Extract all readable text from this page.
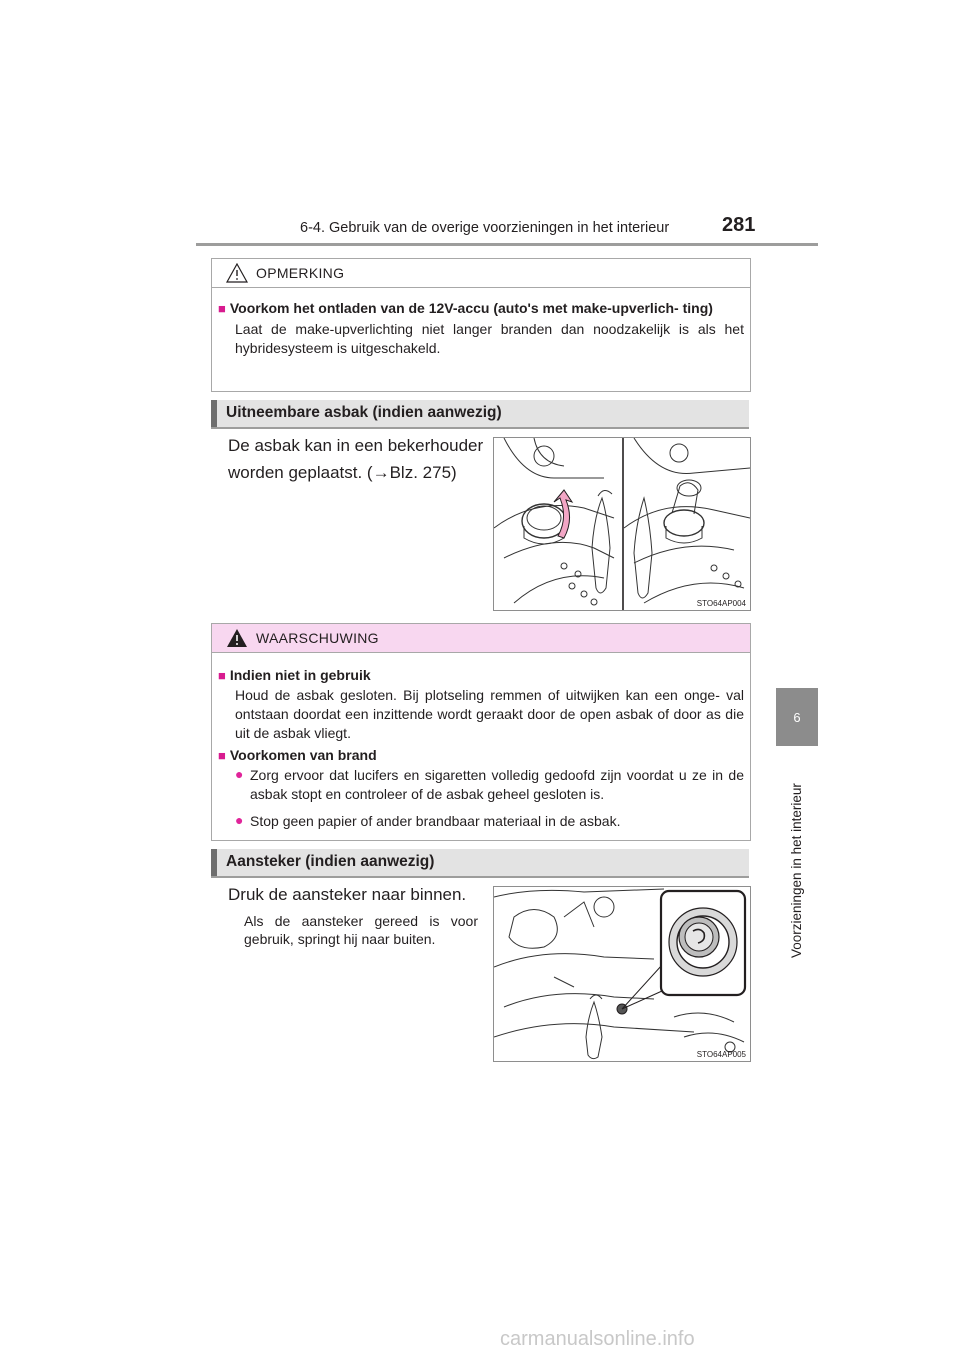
6-4. Gebruik van de overige voorzieningen in het interieur	281
6
Voorzieningen in het interieur
OPMERKING
■ Voorkom het ontladen van de 12V-accu (auto's met make-upverlich- ting)
Laat de make-upverlichting niet langer branden dan noodzakelijk is als het hybridesysteem is uitgeschakeld.
Uitneembare asbak (indien aanwezig)
De asbak kan in een bekerhouder
worden geplaatst. (→Blz. 275)
STO64AP004
WAARSCHUWING
■ Indien niet in gebruik
Houd de asbak gesloten. Bij plotseling remmen of uitwijken kan een onge- val ontstaan doordat een inzittende wordt geraakt door de open asbak of door as die uit de asbak vliegt.
■ Voorkomen van brand
● Zorg ervoor dat lucifers en sigaretten volledig gedoofd zijn voordat u ze in de asbak stopt en controleer of de asbak geheel gesloten is.
● Stop geen papier of ander brandbaar materiaal in de asbak.
Aansteker (indien aanwezig)
Druk de aansteker naar binnen.
Als de aansteker gereed is voor gebruik, springt hij naar buiten.
STO64AP005
carmanualsonline.info
